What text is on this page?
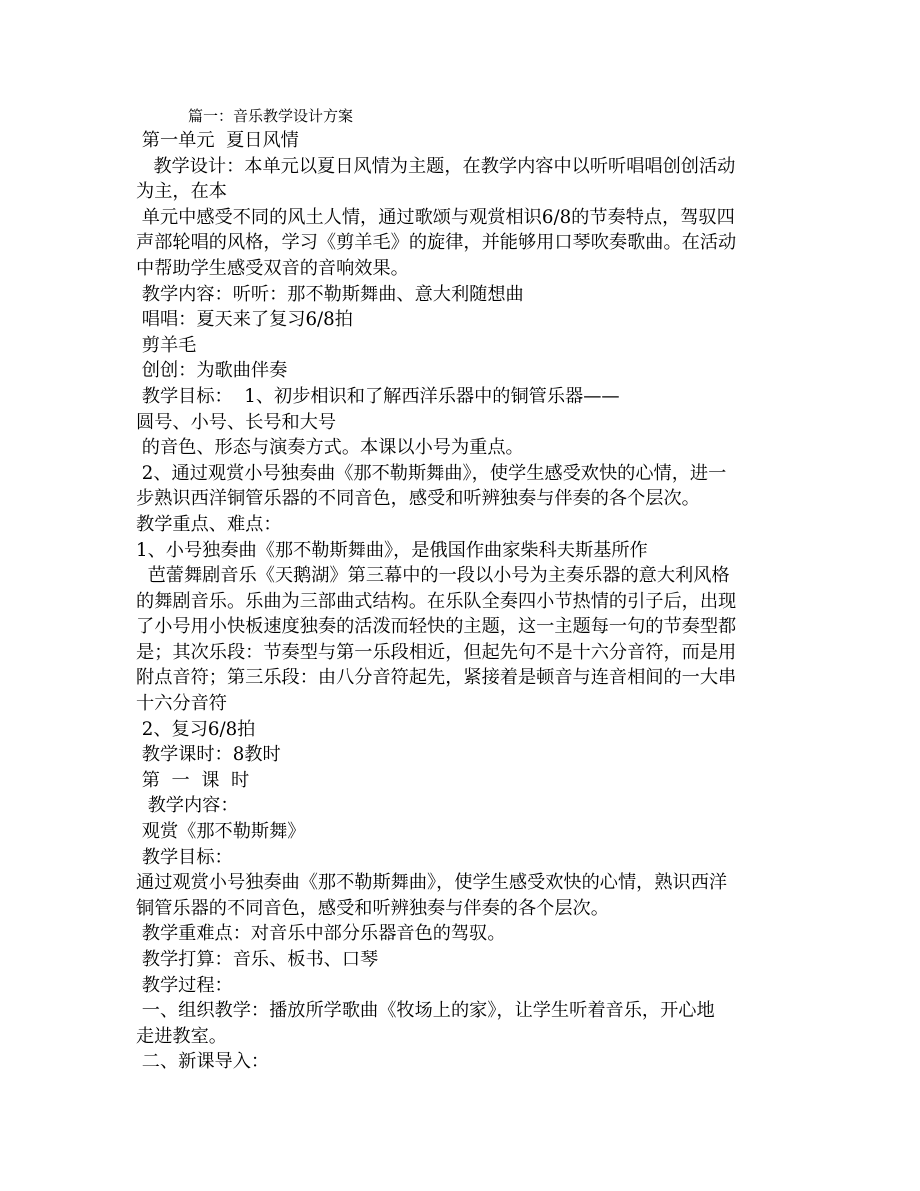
篇一：音乐教学设计方案
第一单元  夏日风情
教学设计：本单元以夏日风情为主题，在教学内容中以听听唱唱创创活动
为主，在本
单元中感受不同的风土人情，通过歌颂与观赏相识6/8的节奏特点，驾驭四
声部轮唱的风格，学习《剪羊毛》的旋律，并能够用口琴吹奏歌曲。在活动
中帮助学生感受双音的音响效果。
教学内容：听听：那不勒斯舞曲、意大利随想曲
唱唱：夏天来了复习6/8拍
剪羊毛
创创：为歌曲伴奏
教学目标：  1、初步相识和了解西洋乐器中的铜管乐器——
圆号、小号、长号和大号
的音色、形态与演奏方式。本课以小号为重点。
2、通过观赏小号独奏曲《那不勒斯舞曲》，使学生感受欢快的心情，进一
步熟识西洋铜管乐器的不同音色，感受和听辨独奏与伴奏的各个层次。
教学重点、难点：
1、小号独奏曲《那不勒斯舞曲》，是俄国作曲家柴科夫斯基所作
芭蕾舞剧音乐《天鹅湖》第三幕中的一段以小号为主奏乐器的意大利风格
的舞剧音乐。乐曲为三部曲式结构。在乐队全奏四小节热情的引子后，出现
了小号用小快板速度独奏的活泼而轻快的主题，这一主题每一句的节奏型都
是；其次乐段：节奏型与第一乐段相近，但起先句不是十六分音符，而是用
附点音符；第三乐段：由八分音符起先，紧接着是顿音与连音相间的一大串
十六分音符
2、复习6/8拍
教学课时：8教时
第  一  课  时
教学内容：
观赏《那不勒斯舞》
教学目标：
通过观赏小号独奏曲《那不勒斯舞曲》，使学生感受欢快的心情，熟识西洋
铜管乐器的不同音色，感受和听辨独奏与伴奏的各个层次。
教学重难点：对音乐中部分乐器音色的驾驭。
教学打算：音乐、板书、口琴
教学过程：
一、组织教学：播放所学歌曲《牧场上的家》，让学生听着音乐，开心地
走进教室。
二、新课导入：
